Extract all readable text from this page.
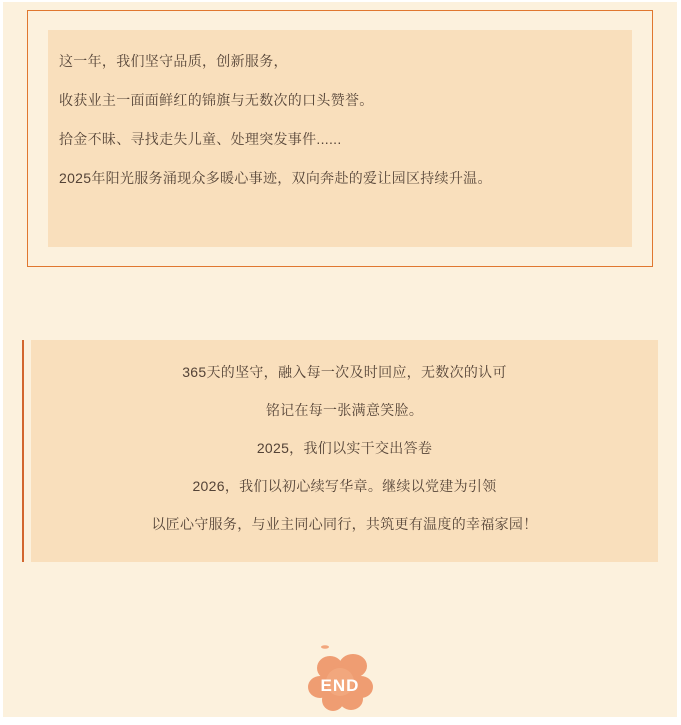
这一年，我们坚守品质，创新服务，

收获业主一面面鲜红的锦旗与无数次的口头赞誉。

拾金不昧、寻找走失儿童、处理突发事件......

2025年阳光服务涌现众多暖心事迹，双向奔赴的爱让园区持续升温。

365天的坚守，融入每一次及时回应，无数次的认可

铭记在每一张满意笑脸。

2025，我们以实干交出答卷

2026，我们以初心续写华章。继续以党建为引领

以匠心守服务，与业主同心同行，共筑更有温度的幸福家园！

END
